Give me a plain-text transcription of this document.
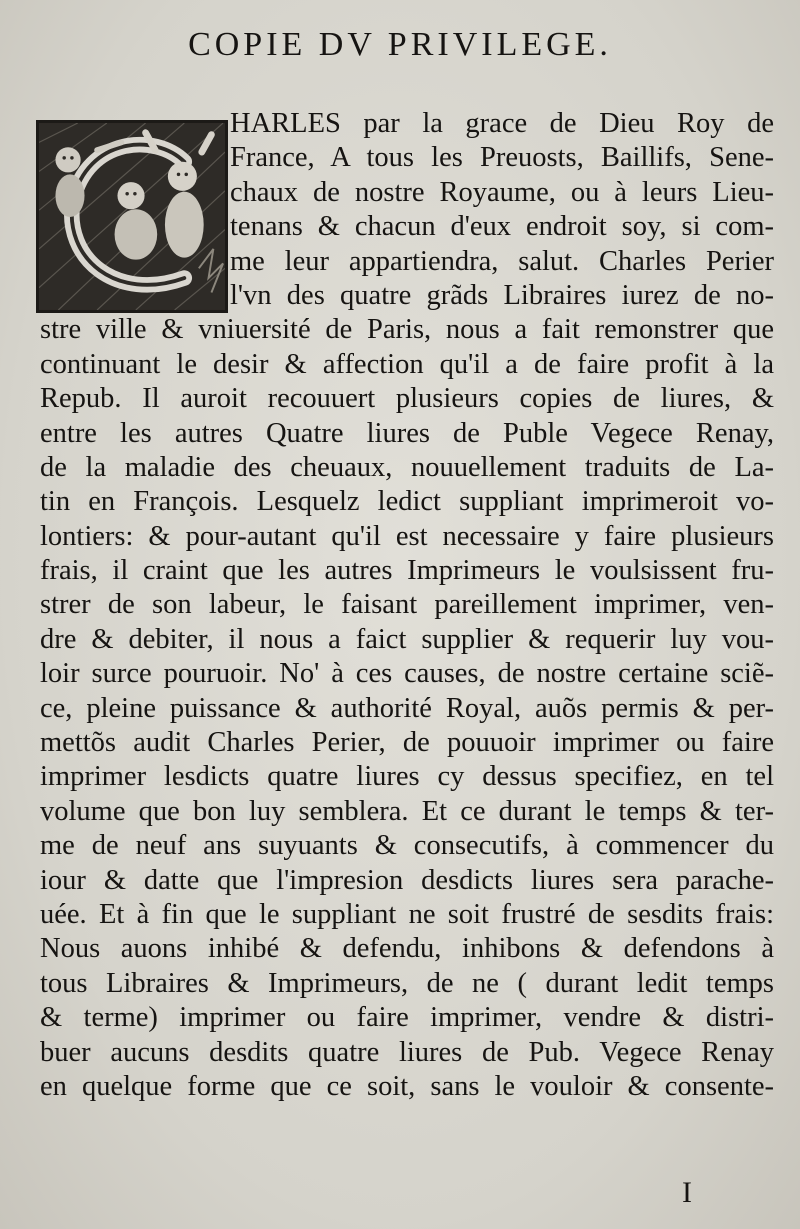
COPIE DV PRIVILEGE.
HARLES par la grace de Dieu Roy de
France, A tous les Preuosts, Baillifs, Sene-
chaux de nostre Royaume, ou à leurs Lieu-
tenans & chacun d'eux endroit soy, si com-
me leur appartiendra, salut. Charles Perier
l'vn des quatre grãds Libraires iurez de no-
stre ville & vniuersité de Paris, nous a fait remonstrer que
continuant le desir & affection qu'il a de faire profit à la
Repub. Il auroit recouuert plusieurs copies de liures, &
entre les autres Quatre liures de Puble Vegece Renay,
de la maladie des cheuaux, nouuellement traduits de La-
tin en François. Lesquelz ledict suppliant imprimeroit vo-
lontiers: & pour-autant qu'il est necessaire y faire plusieurs
frais, il craint que les autres Imprimeurs le voulsissent fru-
strer de son labeur, le faisant pareillement imprimer, ven-
dre & debiter, il nous a faict supplier & requerir luy vou-
loir surce pouruoir. No' à ces causes, de nostre certaine sciẽ-
ce, pleine puissance & authorité Royal, auõs permis & per-
mettõs audit Charles Perier, de pouuoir imprimer ou faire
imprimer lesdicts quatre liures cy dessus specifiez, en tel
volume que bon luy semblera. Et ce durant le temps & ter-
me de neuf ans suyuants & consecutifs, à commencer du
iour & datte que l'impresion desdicts liures sera parache-
uée. Et à fin que le suppliant ne soit frustré de sesdits frais:
Nous auons inhibé & defendu, inhibons & defendons à
tous Libraires & Imprimeurs, de ne ( durant ledit temps
& terme) imprimer ou faire imprimer, vendre & distri-
buer aucuns desdits quatre liures de Pub. Vegece Renay
en quelque forme que ce soit, sans le vouloir & consente-
I
